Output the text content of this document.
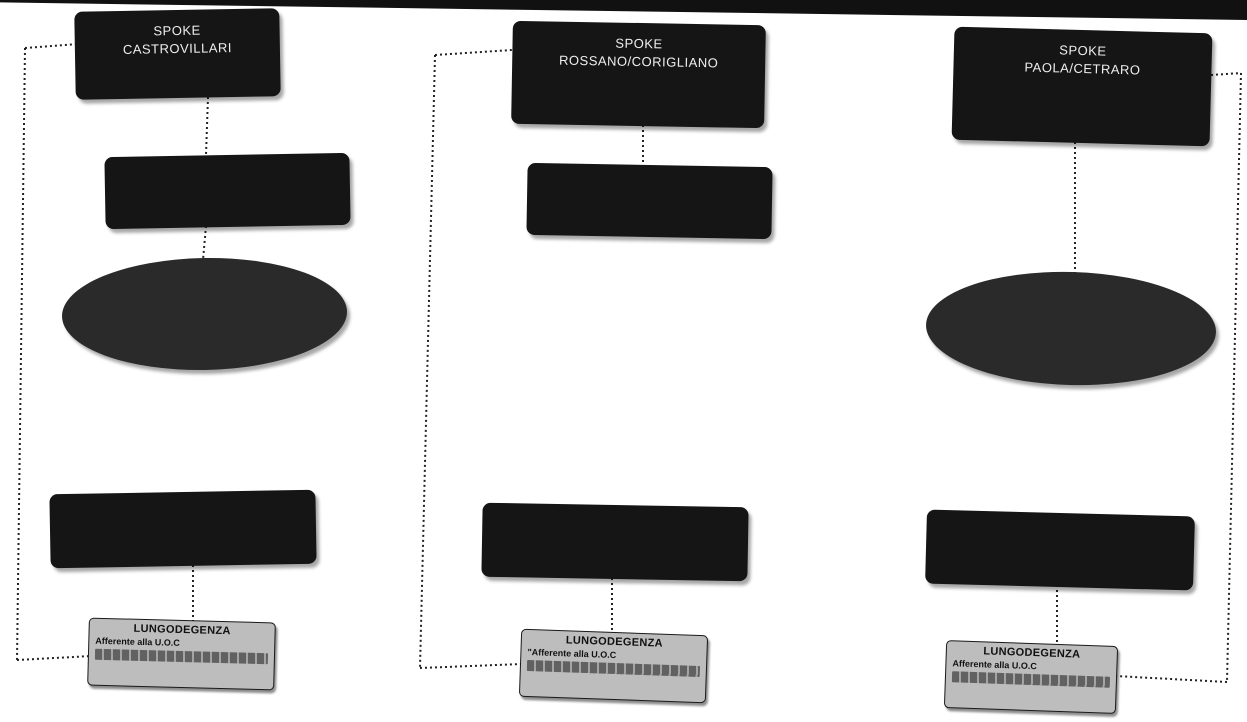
SPOKE
CASTROVILLARI
LUNGODEGENZA
Afferente alla U.O.C
SPOKE
ROSSANO/CORIGLIANO
LUNGODEGENZA
"Afferente alla U.O.C
SPOKE
PAOLA/CETRARO
LUNGODEGENZA
Afferente alla U.O.C
